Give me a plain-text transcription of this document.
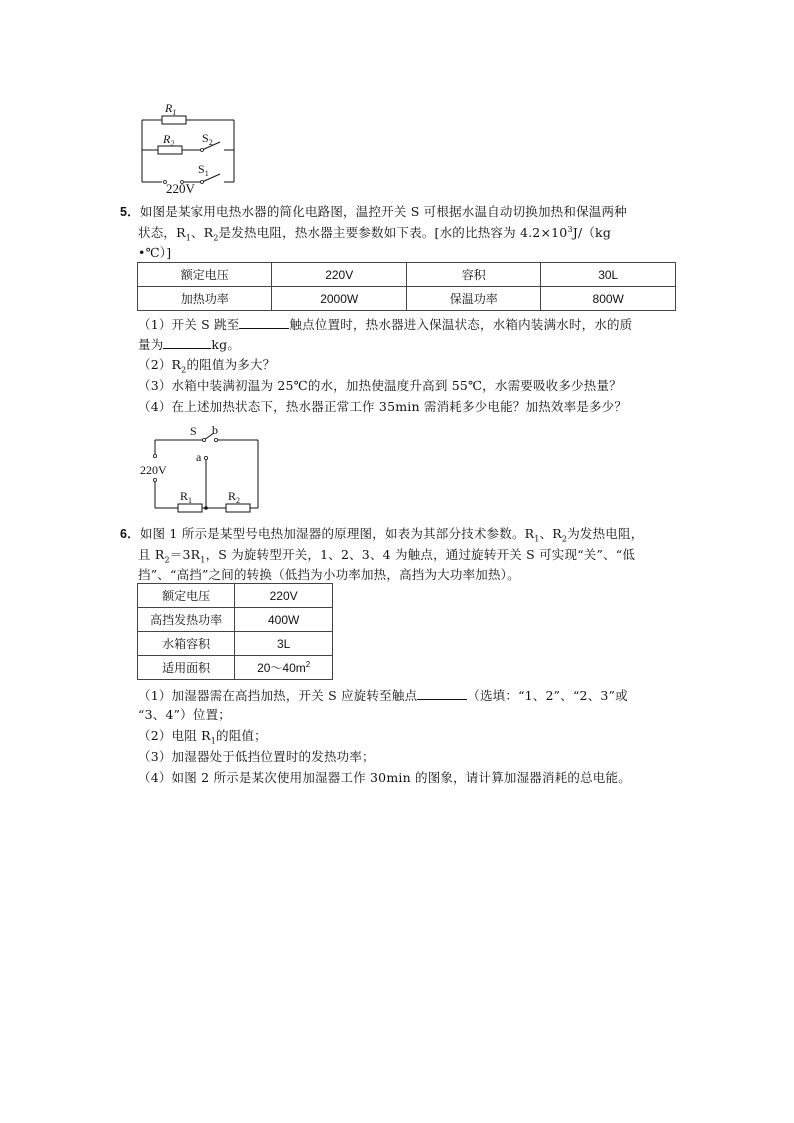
$R_1$
$R_2$ $S_2$
$S_1$
220V
5．如图是某家用电热水器的简化电路图，温控开关 S 可根据水温自动切换加热和保温两种
状态，$R_1$、$R_2$是发热电阻，热水器主要参数如下表。[水的比热容为 $4.2\times 10^3J/(kg$
•℃）]
额定电压	220V	容积	30L
加热功率	2000W	保温功率	800W
（1）开关 S 跳至	触点位置时，热水器进入保温状态，水箱内装满水时，水的质
量为	kg。
$(2)R_2$的阻值为多大？
（3）水箱中装满初温为 25℃的水，加热使温度升高到 55℃，水需要吸收多少热量？
（4）在上述加热状态下，热水器正常工作 35min 需消耗多少电能？加热效率是多少？
S b
a
220V
$R_1$	$R_2$
6．如图 1 所示是某型号电热加湿器的原理图，如表为其部分技术参数。$R_1$、$R_2$为发热电阻，
且 $R_2=3R_1$，S 为旋转型开关，1、2、3、4 为触点，通过旋转开关 S 可实现“关”、“低
挡”、“高挡”之间的转换（低挡为小功率加热，高挡为大功率加热）。
额定电压	220V
高挡发热功率	400W
水箱容积	3L
适用面积	$20\sim 40m^2$
（1）加湿器需在高挡加热，开关 S 应旋转至触点	（选填：“1、2”、“2、3”或
“3、4”）位置；
（2）电阻 $R_1$的阻值；
（3）加湿器处于低挡位置时的发热功率；
（4）如图 2 所示是某次使用加湿器工作 30min 的图象，请计算加湿器消耗的总电能。
